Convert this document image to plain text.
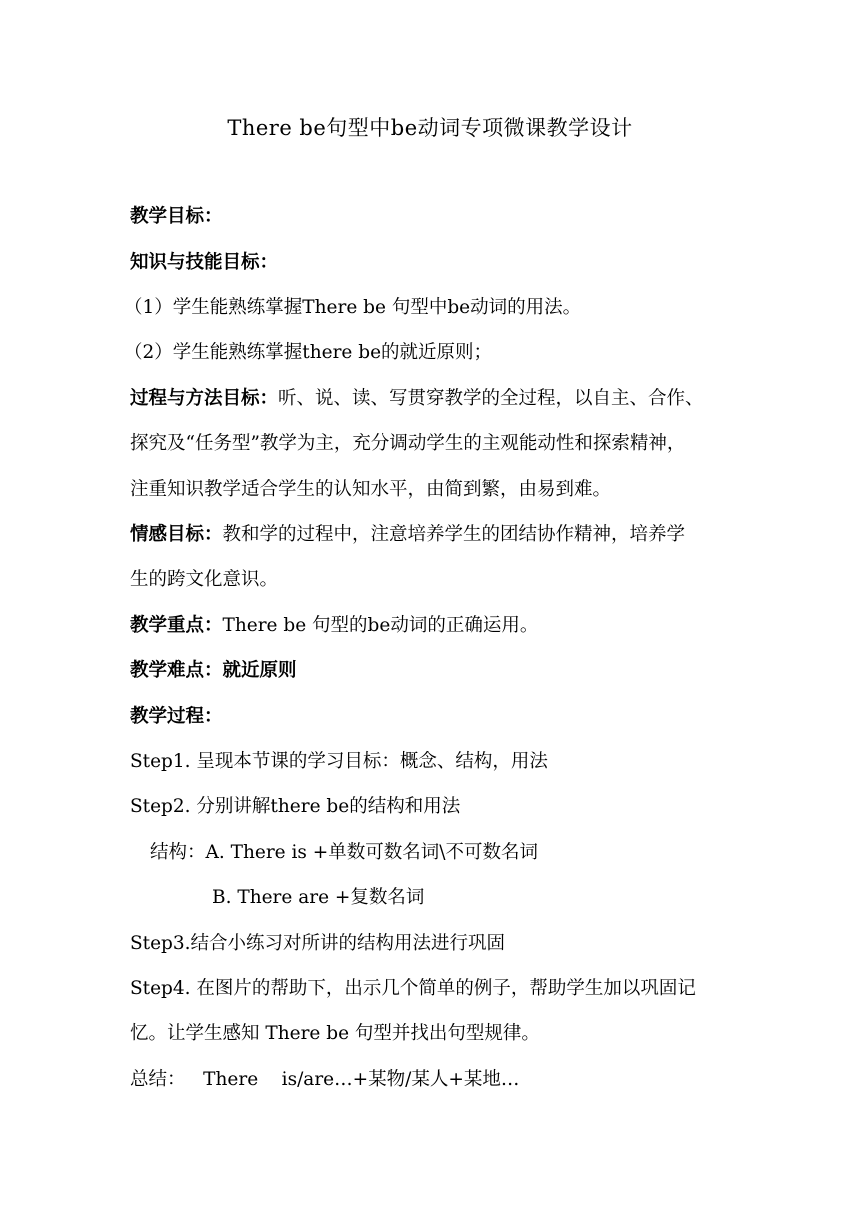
There be句型中be动词专项微课教学设计
教学目标：
知识与技能目标：
（1）学生能熟练掌握There be 句型中be动词的用法。
（2）学生能熟练掌握there be的就近原则；
过程与方法目标：听、说、读、写贯穿教学的全过程，以自主、合作、
探究及“任务型”教学为主，充分调动学生的主观能动性和探索精神，
注重知识教学适合学生的认知水平，由简到繁，由易到难。
情感目标：教和学的过程中，注意培养学生的团结协作精神，培养学
生的跨文化意识。
教学重点：There be 句型的be动词的正确运用。
教学难点：就近原则
教学过程：
Step1. 呈现本节课的学习目标：概念、结构，用法
Step2. 分别讲解there be的结构和用法
结构：A. There is +单数可数名词\不可数名词
B. There are +复数名词
Step3.结合小练习对所讲的结构用法进行巩固
Step4. 在图片的帮助下，出示几个简单的例子，帮助学生加以巩固记
忆。让学生感知 There be 句型并找出句型规律。
总结：   There    is/are…+某物/某人+某地…
